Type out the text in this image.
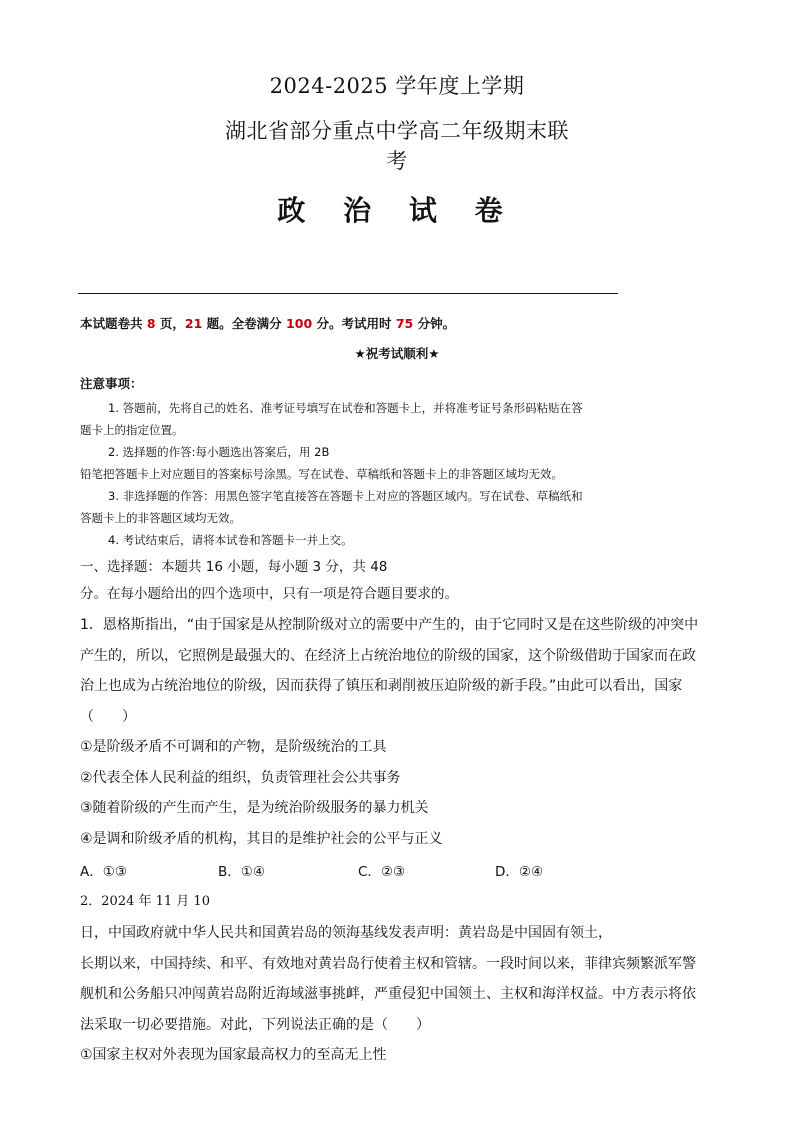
2024-2025 学年度上学期
湖北省部分重点中学高二年级期末联
考
政 治 试 卷
本试题卷共 8 页，21 题。全卷满分 100 分。考试用时 75 分钟。
★祝考试顺利★
注意事项：
1. 答题前，先将自己的姓名、准考证号填写在试卷和答题卡上，并将准考证号条形码粘贴在答
题卡上的指定位置。
2. 选择题的作答:每小题选出答案后，用 2B
铅笔把答题卡上对应题目的答案标号涂黑。写在试卷、草稿纸和答题卡上的非答题区域均无效。
3. 非选择题的作答：用黑色签字笔直接答在答题卡上对应的答题区域内。写在试卷、草稿纸和
答题卡上的非答题区域均无效。
4. 考试结束后，请将本试卷和答题卡一并上交。
一、选择题：本题共 16 小题，每小题 3 分，共 48
分。在每小题给出的四个选项中，只有一项是符合题目要求的。
1．恩格斯指出，“由于国家是从控制阶级对立的需要中产生的，由于它同时又是在这些阶级的冲突中
产生的，所以，它照例是最强大的、在经济上占统治地位的阶级的国家，这个阶级借助于国家而在政
治上也成为占统治地位的阶级，因而获得了镇压和剥削被压迫阶级的新手段。”由此可以看出，国家
（　　）
①是阶级矛盾不可调和的产物，是阶级统治的工具
②代表全体人民利益的组织，负责管理社会公共事务
③随着阶级的产生而产生，是为统治阶级服务的暴力机关
④是调和阶级矛盾的机构，其目的是维护社会的公平与正义
A．①③	B．①④	C．②③	D．②④
2．2024 年 11 月 10
日，中国政府就中华人民共和国黄岩岛的领海基线发表声明：黄岩岛是中国固有领土，
长期以来，中国持续、和平、有效地对黄岩岛行使着主权和管辖。一段时间以来，菲律宾频繁派军警
舰机和公务船只冲闯黄岩岛附近海域滋事挑衅，严重侵犯中国领土、主权和海洋权益。中方表示将依
法采取一切必要措施。对此，下列说法正确的是（　　）
①国家主权对外表现为国家最高权力的至高无上性
